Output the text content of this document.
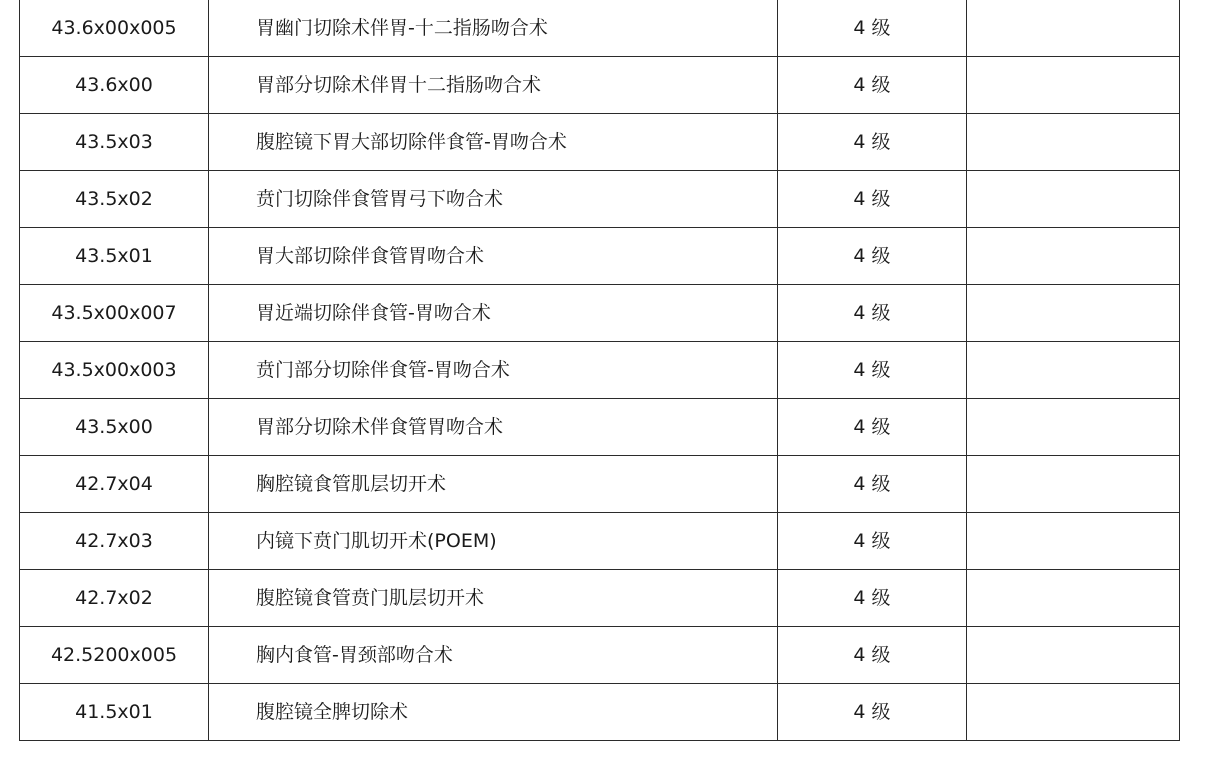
43.6x00x005	胃幽门切除术伴胃-十二指肠吻合术	4 级	
43.6x00	胃部分切除术伴胃十二指肠吻合术	4 级	
43.5x03	腹腔镜下胃大部切除伴食管-胃吻合术	4 级	
43.5x02	贲门切除伴食管胃弓下吻合术	4 级	
43.5x01	胃大部切除伴食管胃吻合术	4 级	
43.5x00x007	胃近端切除伴食管-胃吻合术	4 级	
43.5x00x003	贲门部分切除伴食管-胃吻合术	4 级	
43.5x00	胃部分切除术伴食管胃吻合术	4 级	
42.7x04	胸腔镜食管肌层切开术	4 级	
42.7x03	内镜下贲门肌切开术(POEM)	4 级	
42.7x02	腹腔镜食管贲门肌层切开术	4 级	
42.5200x005	胸内食管-胃颈部吻合术	4 级	
41.5x01	腹腔镜全脾切除术	4 级	
